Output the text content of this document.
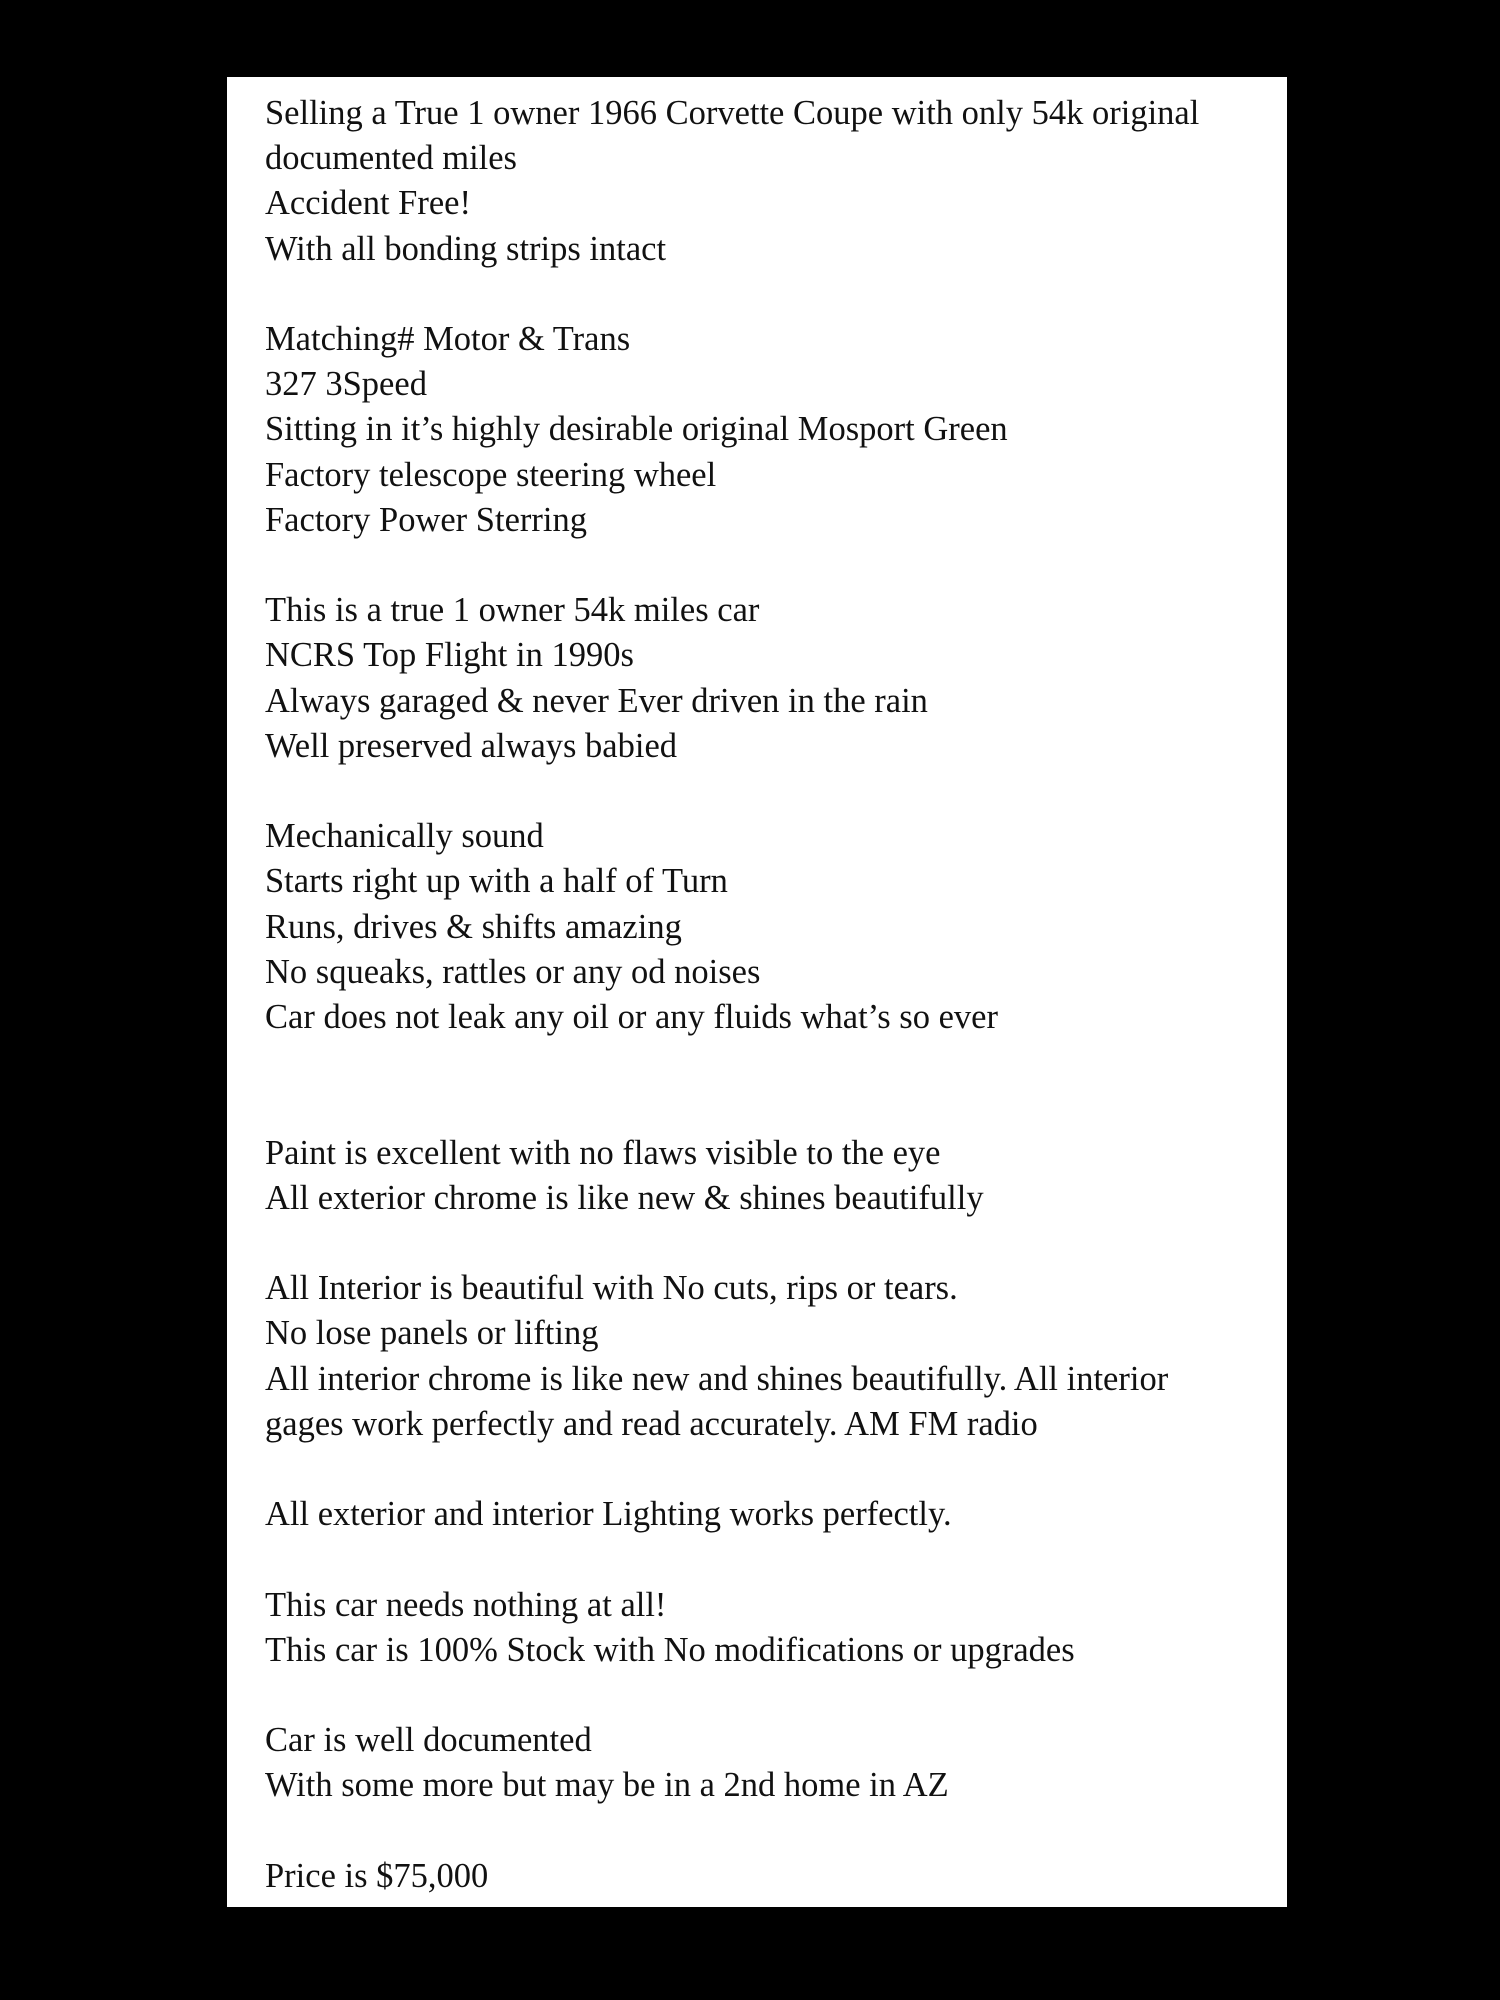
Selling a True 1 owner 1966 Corvette Coupe with only 54k original
documented miles
Accident Free!
With all bonding strips intact
Matching# Motor & Trans
327 3Speed
Sitting in it’s highly desirable original Mosport Green
Factory telescope steering wheel
Factory Power Sterring
This is a true 1 owner 54k miles car
NCRS Top Flight in 1990s
Always garaged & never Ever driven in the rain
Well preserved always babied
Mechanically sound
Starts right up with a half of Turn
Runs, drives & shifts amazing
No squeaks, rattles or any od noises
Car does not leak any oil or any fluids what’s so ever
Paint is excellent with no flaws visible to the eye
All exterior chrome is like new & shines beautifully
All Interior is beautiful with No cuts, rips or tears.
No lose panels or lifting
All interior chrome is like new and shines beautifully. All interior
gages work perfectly and read accurately. AM FM radio
All exterior and interior Lighting works perfectly.
This car needs nothing at all!
This car is 100% Stock with No modifications or upgrades
Car is well documented
With some more but may be in a 2nd home in AZ
Price is $75,000
